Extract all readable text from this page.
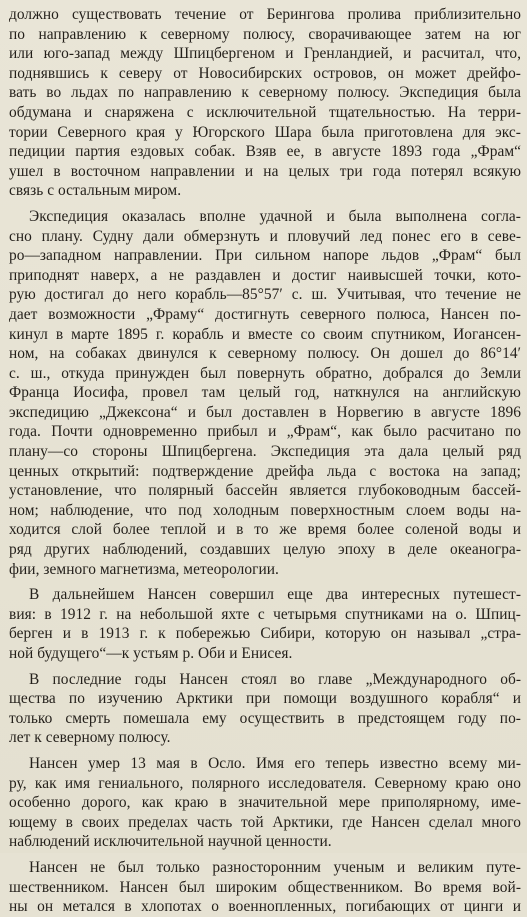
должно существовать течение от Берингова пролива приблизительно
по направлению к северному полюсу, сворачивающее затем на юг
или юго-запад между Шпицбергеном и Гренландией, и расчитал, что,
поднявшись к северу от Новосибирских островов, он может дрейфо-
вать во льдах по направлению к северному полюсу. Экспедиция была
обдумана и снаряжена с исключительной тщательностью. На терри-
тории Северного края у Югорского Шара была приготовлена для экс-
педиции партия ездовых собак. Взяв ее, в августе 1893 года „Фрам“
ушел в восточном направлении и на целых три года потерял всякую
связь с остальным миром.

Экспедиция оказалась вполне удачной и была выполнена согла-
сно плану. Судну дали обмерзнуть и пловучий лед понес его в севе-
ро—западном направлении. При сильном напоре льдов „Фрам“ был
приподнят наверх, а не раздавлен и достиг наивысшей точки, кото-
рую достигал до него корабль—85°57′ с. ш. Учитывая, что течение не
дает возможности „Фраму“ достигнуть северного полюса, Нансен по-
кинул в марте 1895 г. корабль и вместе со своим спутником, Иогансен-
ном, на собаках двинулся к северному полюсу. Он дошел до 86°14′
с. ш., откуда принужден был повернуть обратно, добрался до Земли
Франца Иосифа, провел там целый год, наткнулся на английскую
экспедицию „Джексона“ и был доставлен в Норвегию в августе 1896
года. Почти одновременно прибыл и „Фрам“, как было расчитано по
плану—со стороны Шпицбергена. Экспедиция эта дала целый ряд
ценных открытий: подтверждение дрейфа льда с востока на запад;
установление, что полярный бассейн является глубоководным бассей-
ном; наблюдение, что под холодным поверхностным слоем воды на-
ходится слой более теплой и в то же время более соленой воды и
ряд других наблюдений, создавших целую эпоху в деле океаногра-
фии, земного магнетизма, метеорологии.

В дальнейшем Нансен совершил еще два интересных путешест-
вия: в 1912 г. на небольшой яхте с четырьмя спутниками на о. Шпиц-
берген и в 1913 г. к побережью Сибири, которую он называл „стра-
ной будущего“—к устьям р. Оби и Енисея.

В последние годы Нансен стоял во главе „Международного об-
щества по изучению Арктики при помощи воздушного корабля“ и
только смерть помешала ему осуществить в предстоящем году по-
лет к северному полюсу.

Нансен умер 13 мая в Осло. Имя его теперь известно всему ми-
ру, как имя гениального, полярного исследователя. Северному краю оно
особенно дорого, как краю в значительной мере приполярному, име-
ющему в своих пределах часть той Арктики, где Нансен сделал много
наблюдений исключительной научной ценности.

Нансен не был только разносторонним ученым и великим путе-
шественником. Нансен был широким общественником. Во время вой-
ны он метался в хлопотах о военнопленных, погибающих от цинги и
